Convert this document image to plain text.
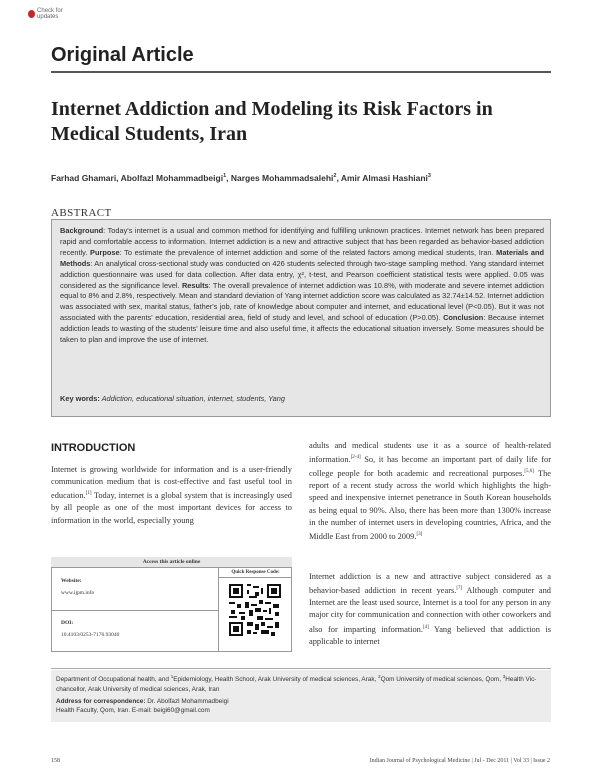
Check for updates
Original Article
Internet Addiction and Modeling its Risk Factors in
Medical Students, Iran
Farhad Ghamari, Abolfazl Mohammadbeigi$^1$, Narges Mohammadsalehi$^2$, Amir Almasi Hashiani$^3$
ABSTRACT
Background: Today's internet is a usual and common method for identifying and fulfilling unknown practices. Internet network has been prepared rapid and comfortable access to information. Internet addiction is a new and attractive subject that has been regarded as behavior-based addiction recently. Purpose: To estimate the prevalence of internet addiction and some of the related factors among medical students, Iran. Materials and Methods: An analytical cross-sectional study was conducted on 426 students selected through two-stage sampling method. Yang standard internet addiction questionnaire was used for data collection. After data entry, χ², t-test, and Pearson coefficient statistical tests were applied. 0.05 was considered as the significance level. Results: The overall prevalence of internet addiction was 10.8%, with moderate and severe internet addiction equal to 8% and 2.8%, respectively. Mean and standard deviation of Yang internet addiction score was calculated as 32.74±14.52. Internet addiction was associated with sex, marital status, father's job, rate of knowledge about computer and internet, and educational level (P<0.05). But it was not associated with the parents' education, residential area, field of study and level, and school of education (P>0.05). Conclusion: Because internet addiction leads to wasting of the students' leisure time and also useful time, it affects the educational situation inversely. Some measures should be taken to plan and improve the use of internet.
Key words: Addiction, educational situation, internet, students, Yang
INTRODUCTION
Internet is growing worldwide for information and is a user-friendly communication medium that is cost-effective and fast useful tool in education.[1] Today, internet is a global system that is increasingly used by all people as one of the most important devices for access to information in the world, especially young
adults and medical students use it as a source of health-related information.[2-4] So, it has become an important part of daily life for college people for both academic and recreational purposes.[5,6] The report of a recent study across the world which highlights the high-speed and inexpensive internet penetrance in South Korean households as being equal to 90%. Also, there has been more than 1300% increase in the number of internet users in developing countries, Africa, and the Middle East from 2000 to 2009.[3]
Internet addiction is a new and attractive subject considered as a behavior-based addiction in recent years.[7] Although computer and Internet are the least used source, Internet is a tool for any person in any major city for communication and connection with other coworkers and also for imparting information.[4] Yang believed that addiction is applicable to internet
Access this article online
Quick Response Code:
Website:
www.ijpm.info
DOI:
10.4103/0253-7176.93040
Department of Occupational health, and $^1$Epidemiology, Health School, Arak University of medical sciences, Arak, $^2$Qom University of medical sciences, Qom, $^3$Health Vic-chancellor, Arak University of medical sciences, Arak, Iran
Address for correspondence: Dr. Abolfazl Mohammadbeigi
Health Faculty, Qom, Iran. E-mail: beigi60@gmail.com
158	Indian Journal of Psychological Medicine | Jul - Dec 2011 | Vol 33 | Issue 2
